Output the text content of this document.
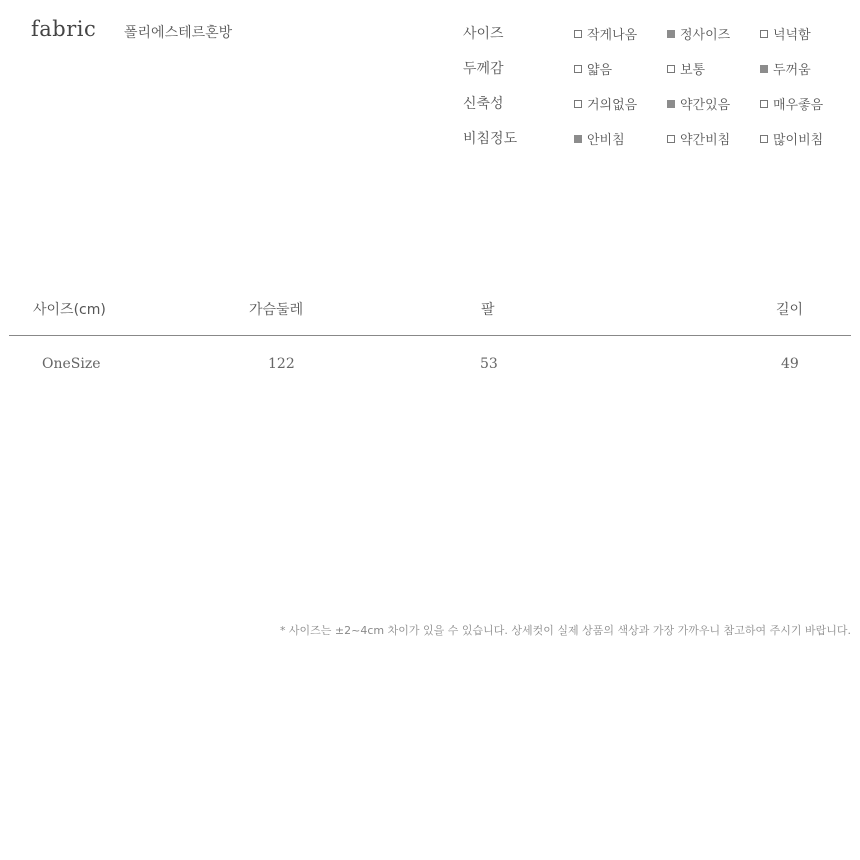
fabric 폴리에스테르혼방	사이즈	작게나옴	정사이즈	넉넉함
두께감	얇음	보통	두꺼움
신축성	거의없음	약간있음	매우좋음
비침정도	안비침	약간비침	많이비침
사이즈(cm)	가슴둘레	팔	길이
OneSize	122	53	49
* 사이즈는 ±2~4cm 차이가 있을 수 있습니다. 상세컷이 실제 상품의 색상과 가장 가까우니 참고하여 주시기 바랍니다.
